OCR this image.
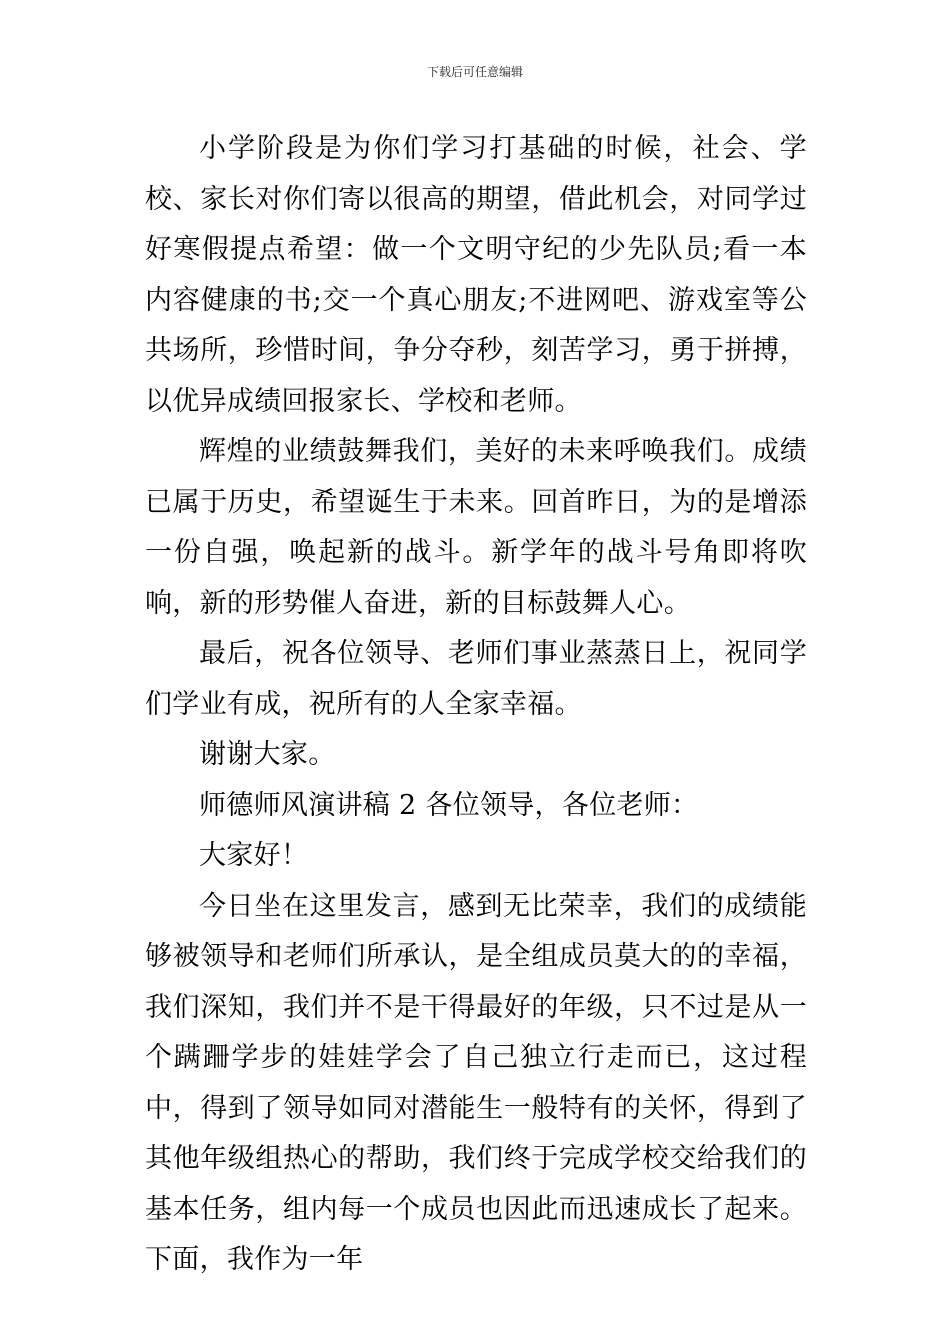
下载后可任意编辑

小学阶段是为你们学习打基础的时候，社会、学校、家长对你们寄以很高的期望，借此机会，对同学过好寒假提点希望：做一个文明守纪的少先队员;看一本内容健康的书;交一个真心朋友;不进网吧、游戏室等公共场所，珍惜时间，争分夺秒，刻苦学习，勇于拼搏，以优异成绩回报家长、学校和老师。

辉煌的业绩鼓舞我们，美好的未来呼唤我们。成绩已属于历史，希望诞生于未来。回首昨日，为的是增添一份自强，唤起新的战斗。新学年的战斗号角即将吹响，新的形势催人奋进，新的目标鼓舞人心。

最后，祝各位领导、老师们事业蒸蒸日上，祝同学们学业有成，祝所有的人全家幸福。

谢谢大家。

师德师风演讲稿 2 各位领导，各位老师：

大家好！

今日坐在这里发言，感到无比荣幸，我们的成绩能够被领导和老师们所承认，是全组成员莫大的的幸福，我们深知，我们并不是干得最好的年级，只不过是从一个蹒跚学步的娃娃学会了自己独立行走而已，这过程中，得到了领导如同对潜能生一般特有的关怀，得到了其他年级组热心的帮助，我们终于完成学校交给我们的基本任务，组内每一个成员也因此而迅速成长了起来。下面，我作为一年
